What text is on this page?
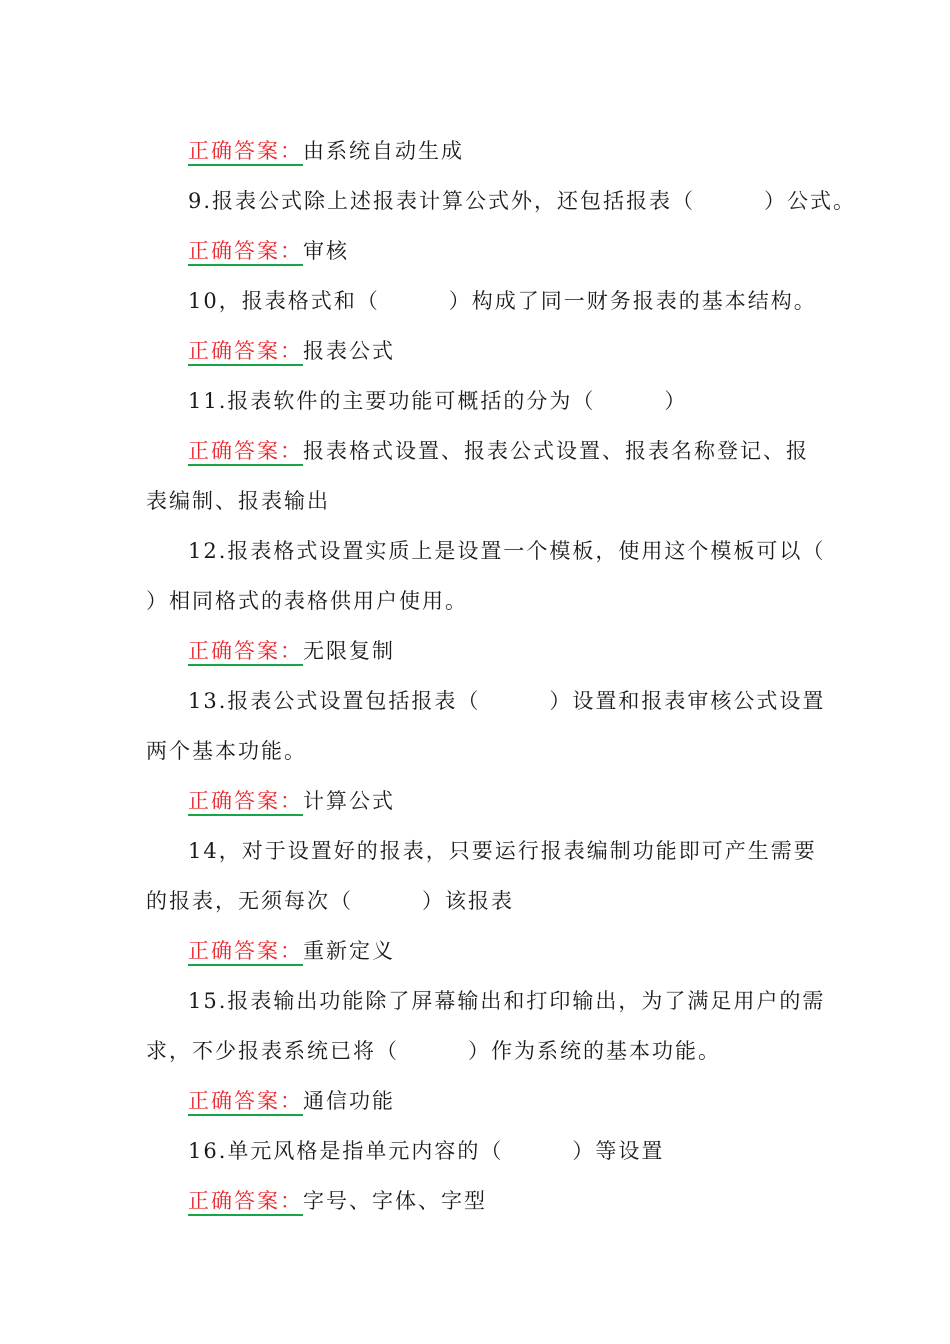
正确答案：由系统自动生成
9.报表公式除上述报表计算公式外，还包括报表（　　　）公式。
正确答案：审核
10，报表格式和（　　　）构成了同一财务报表的基本结构。
正确答案：报表公式
11.报表软件的主要功能可概括的分为（　　　）
正确答案：报表格式设置、报表公式设置、报表名称登记、报
表编制、报表输出
12.报表格式设置实质上是设置一个模板，使用这个模板可以（
）相同格式的表格供用户使用。
正确答案：无限复制
13.报表公式设置包括报表（　　　）设置和报表审核公式设置
两个基本功能。
正确答案：计算公式
14，对于设置好的报表，只要运行报表编制功能即可产生需要
的报表，无须每次（　　　）该报表
正确答案：重新定义
15.报表输出功能除了屏幕输出和打印输出，为了满足用户的需
求，不少报表系统已将（　　　）作为系统的基本功能。
正确答案：通信功能
16.单元风格是指单元内容的（　　　）等设置
正确答案：字号、字体、字型
